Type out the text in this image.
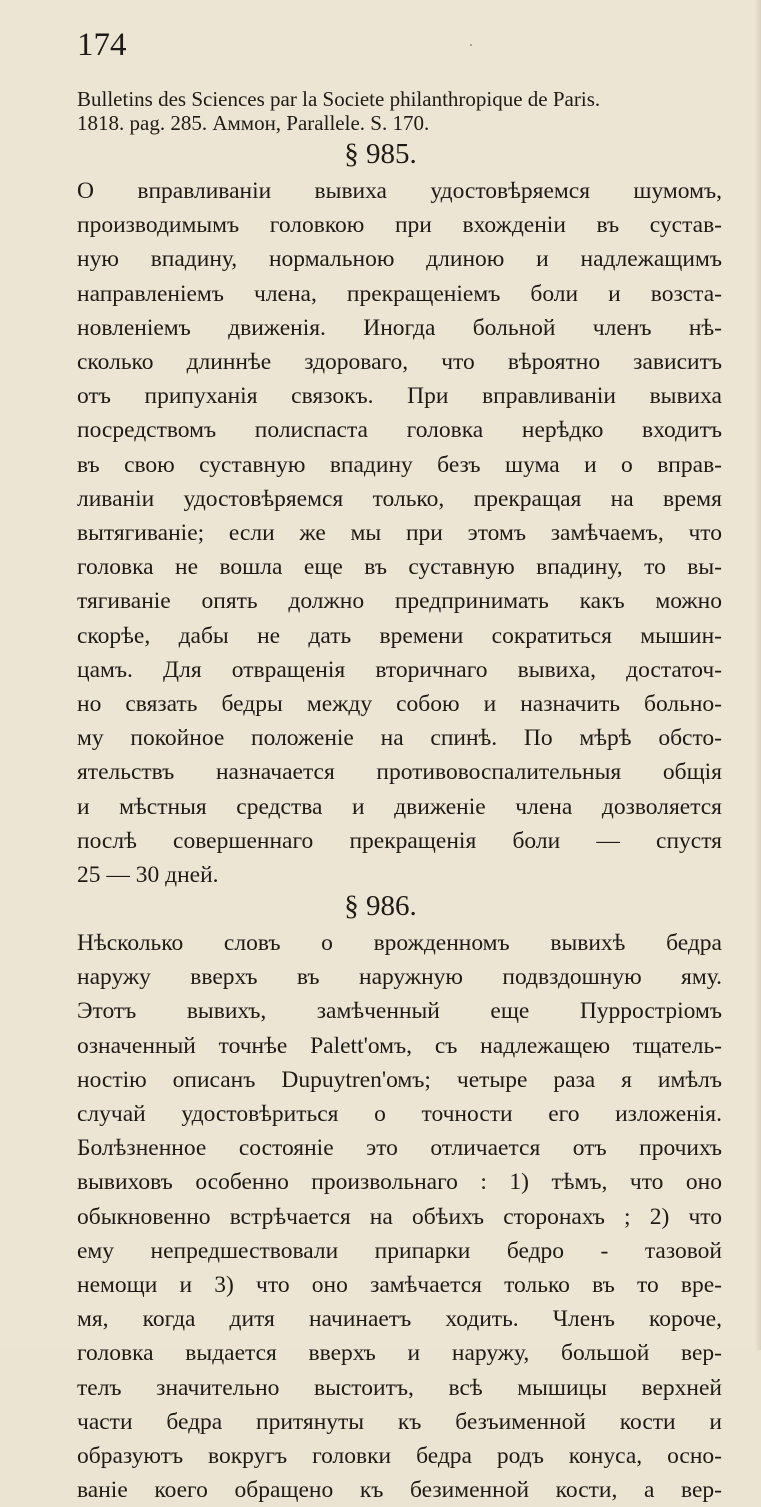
174

Bulletins des Sciences par la Societe philanthropique de Paris.
1818. pag. 285. Аммон, Parallele. S. 170.

§ 985.
О вправливанiи вывиха удостовѣряемся шумомъ,
производимымъ головкою при вхожденiи въ сустав-
ную впадину, нормальною длиною и надлежащимъ
направленiемъ члена, прекращенiемъ боли и возста-
новленiемъ движенiя. Иногда больной членъ нѣ-
сколько длиннѣе здороваго, что вѣроятно зависитъ
отъ припуханiя связокъ. При вправливанiи вывиха
посредствомъ полиспаста головка нерѣдко входитъ
въ свою суставную впадину безъ шума и о вправ-
ливанiи удостовѣряемся только, прекращая на время
вытягиванiе; если же мы при этомъ замѣчаемъ, что
головка не вошла еще въ суставную впадину, то вы-
тягиванiе опять должно предпринимать какъ можно
скорѣе, дабы не дать времени сократиться мышин-
цамъ. Для отвращенiя вторичнаго вывиха, достаточ-
но связать бедры между собою и назначить больно-
му покойное положенiе на спинѣ. По мѣрѣ обсто-
ятельствъ назначается противовоспалительныя общiя
и мѣстныя средства и движенiе члена дозволяется
послѣ совершеннаго прекращенiя боли — спустя
25 — 30 дней.
§ 986.
Нѣсколько словъ о врожденномъ вывихѣ бедра
наружу вверхъ въ наружную подвздошную яму.
Этотъ вывихъ, замѣченный еще Пуррострiомъ
означенный точнѣе Palett'омъ, съ надлежащею тщатель-
ностiю описанъ Dupuytren'омъ; четыре раза я имѣлъ
случай удостовѣриться о точности его изложенiя.
Болѣзненное состоянiе это отличается отъ прочихъ
вывиховъ особенно произвольнаго : 1) тѣмъ, что оно
обыкновенно встрѣчается на обѣихъ сторонахъ ; 2) что
ему непредшествовали припарки бедро - тазовой
немощи и 3) что оно замѣчается только въ то вре-
мя, когда дитя начинаетъ ходить. Членъ короче,
головка выдается вверхъ и наружу, большой вер-
телъ значительно выстоитъ, всѣ мышицы верхней
части бедра притянуты къ безъименной кости и
образуютъ вокругъ головки бедра родъ конуса, осно-
ванiе коего обращено къ безименной кости, а вер-
